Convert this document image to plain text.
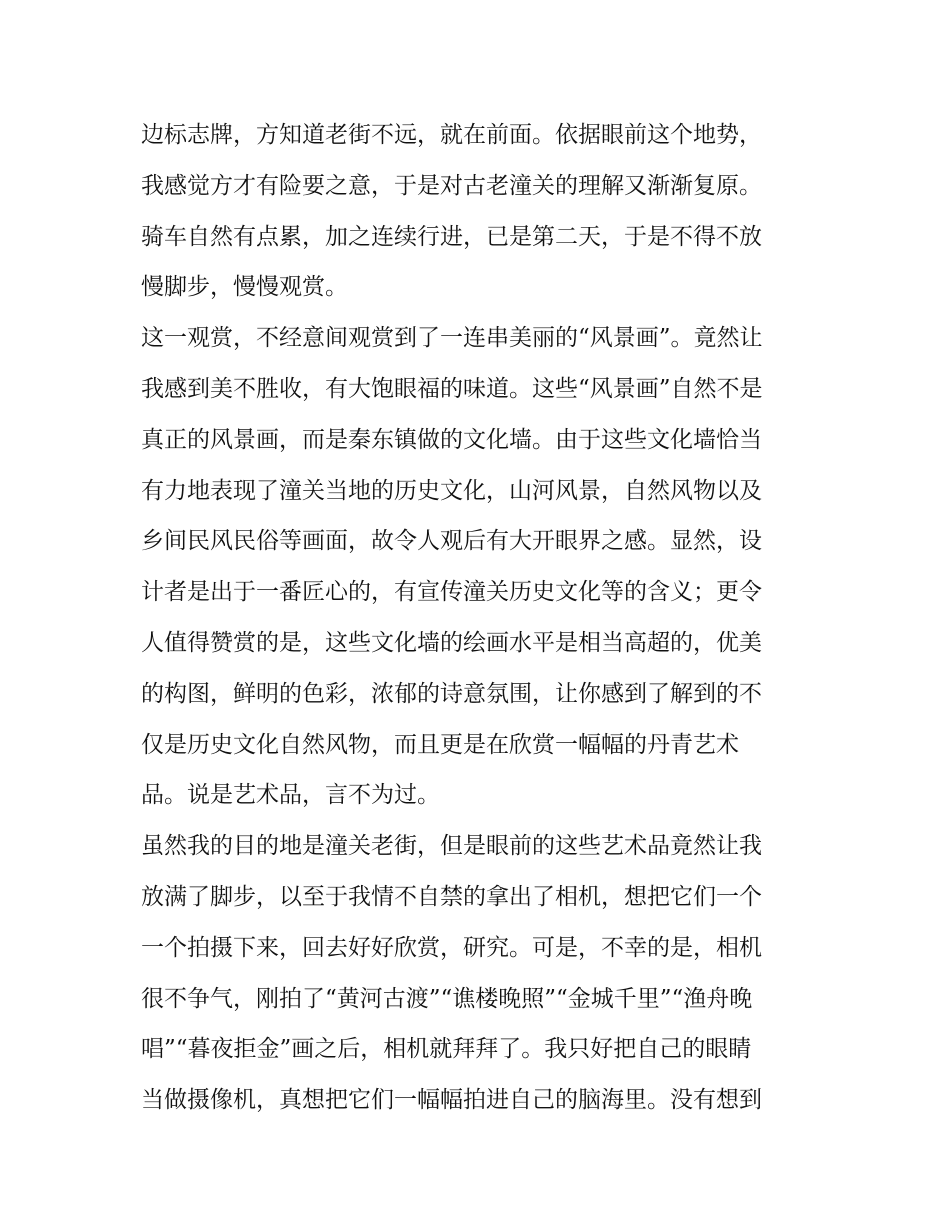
边标志牌，方知道老街不远，就在前面。依据眼前这个地势，
我感觉方才有险要之意，于是对古老潼关的理解又渐渐复原。
骑车自然有点累，加之连续行进，已是第二天，于是不得不放
慢脚步，慢慢观赏。
这一观赏，不经意间观赏到了一连串美丽的“风景画”。竟然让
我感到美不胜收，有大饱眼福的味道。这些“风景画”自然不是
真正的风景画，而是秦东镇做的文化墙。由于这些文化墙恰当
有力地表现了潼关当地的历史文化，山河风景，自然风物以及
乡间民风民俗等画面，故令人观后有大开眼界之感。显然，设
计者是出于一番匠心的，有宣传潼关历史文化等的含义；更令
人值得赞赏的是，这些文化墙的绘画水平是相当高超的，优美
的构图，鲜明的色彩，浓郁的诗意氛围，让你感到了解到的不
仅是历史文化自然风物，而且更是在欣赏一幅幅的丹青艺术
品。说是艺术品，言不为过。
虽然我的目的地是潼关老街，但是眼前的这些艺术品竟然让我
放满了脚步，以至于我情不自禁的拿出了相机，想把它们一个
一个拍摄下来，回去好好欣赏，研究。可是，不幸的是，相机
很不争气，刚拍了“黄河古渡”“谯楼晚照”“金城千里”“渔舟晚
唱”“暮夜拒金”画之后，相机就拜拜了。我只好把自己的眼睛
当做摄像机，真想把它们一幅幅拍进自己的脑海里。没有想到
